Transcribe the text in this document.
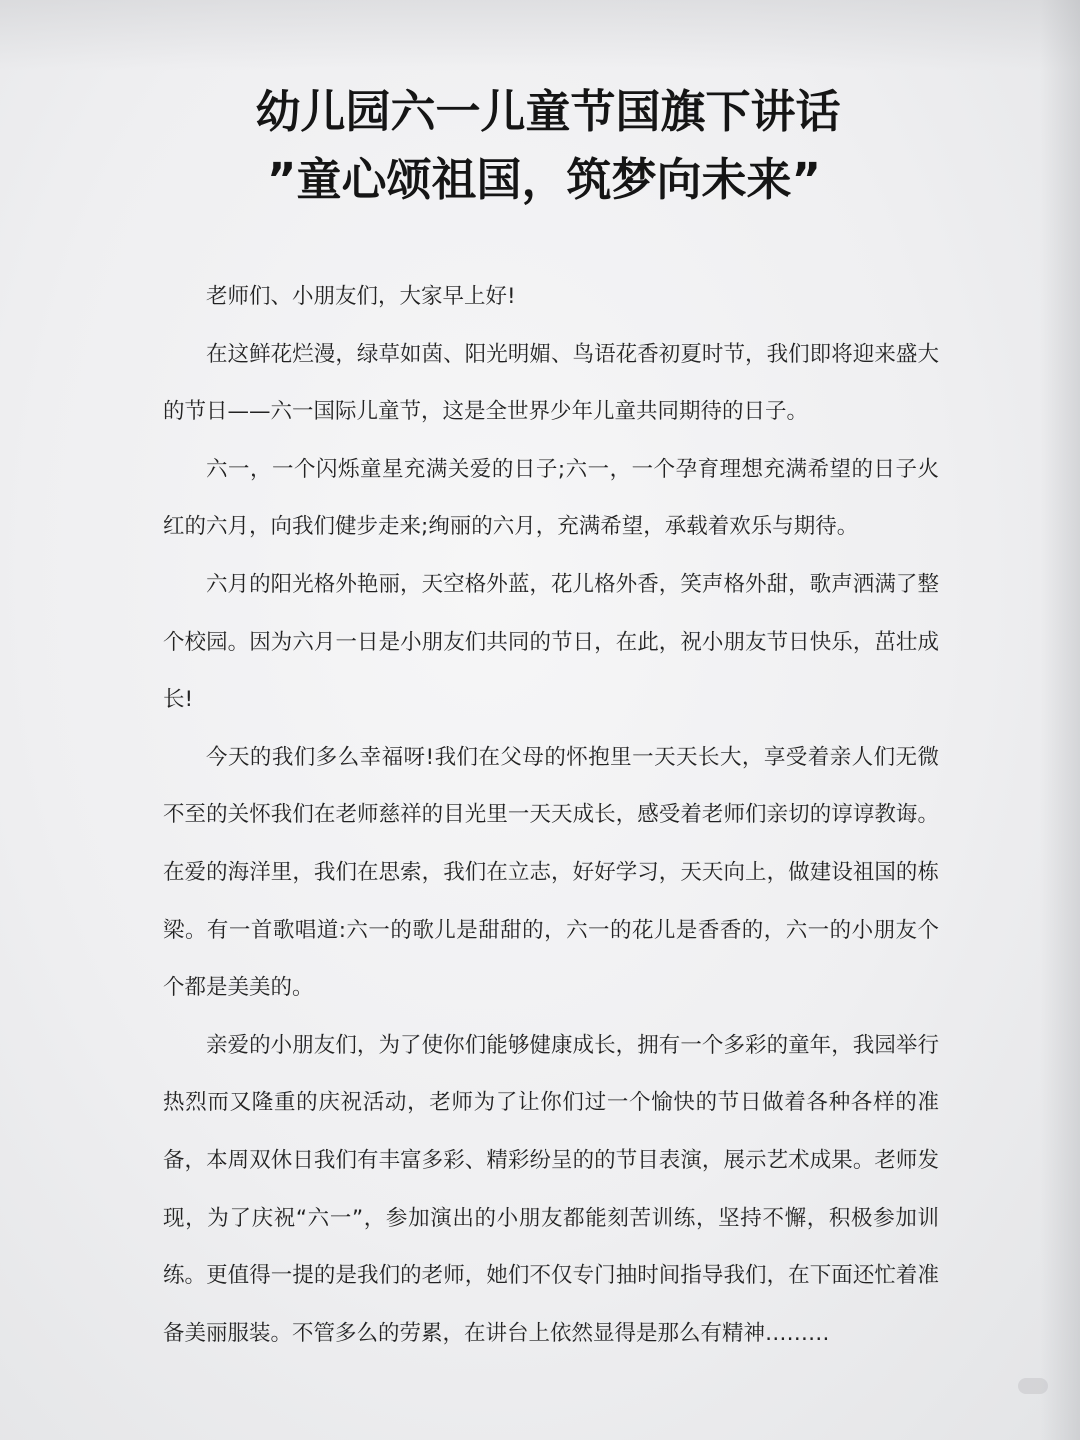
幼儿园六一儿童节国旗下讲话
”童心颂祖国，筑梦向未来”

老师们、小朋友们，大家早上好!

在这鲜花烂漫，绿草如茵、阳光明媚、鸟语花香初夏时节，我们即将迎来盛大的节日——六一国际儿童节，这是全世界少年儿童共同期待的日子。

六一，一个闪烁童星充满关爱的日子;六一，一个孕育理想充满希望的日子火红的六月，向我们健步走来;绚丽的六月，充满希望，承载着欢乐与期待。

六月的阳光格外艳丽，天空格外蓝，花儿格外香，笑声格外甜，歌声洒满了整个校园。因为六月一日是小朋友们共同的节日，在此，祝小朋友节日快乐，茁壮成长!

今天的我们多么幸福呀!我们在父母的怀抱里一天天长大，享受着亲人们无微不至的关怀我们在老师慈祥的目光里一天天成长，感受着老师们亲切的谆谆教诲。在爱的海洋里，我们在思索，我们在立志，好好学习，天天向上，做建设祖国的栋梁。有一首歌唱道:六一的歌儿是甜甜的，六一的花儿是香香的，六一的小朋友个个都是美美的。

亲爱的小朋友们，为了使你们能够健康成长，拥有一个多彩的童年，我园举行热烈而又隆重的庆祝活动，老师为了让你们过一个愉快的节日做着各种各样的准备，本周双休日我们有丰富多彩、精彩纷呈的的节目表演，展示艺术成果。老师发现，为了庆祝“六一”，参加演出的小朋友都能刻苦训练，坚持不懈，积极参加训练。更值得一提的是我们的老师，她们不仅专门抽时间指导我们，在下面还忙着准备美丽服装。不管多么的劳累，在讲台上依然显得是那么有精神………
